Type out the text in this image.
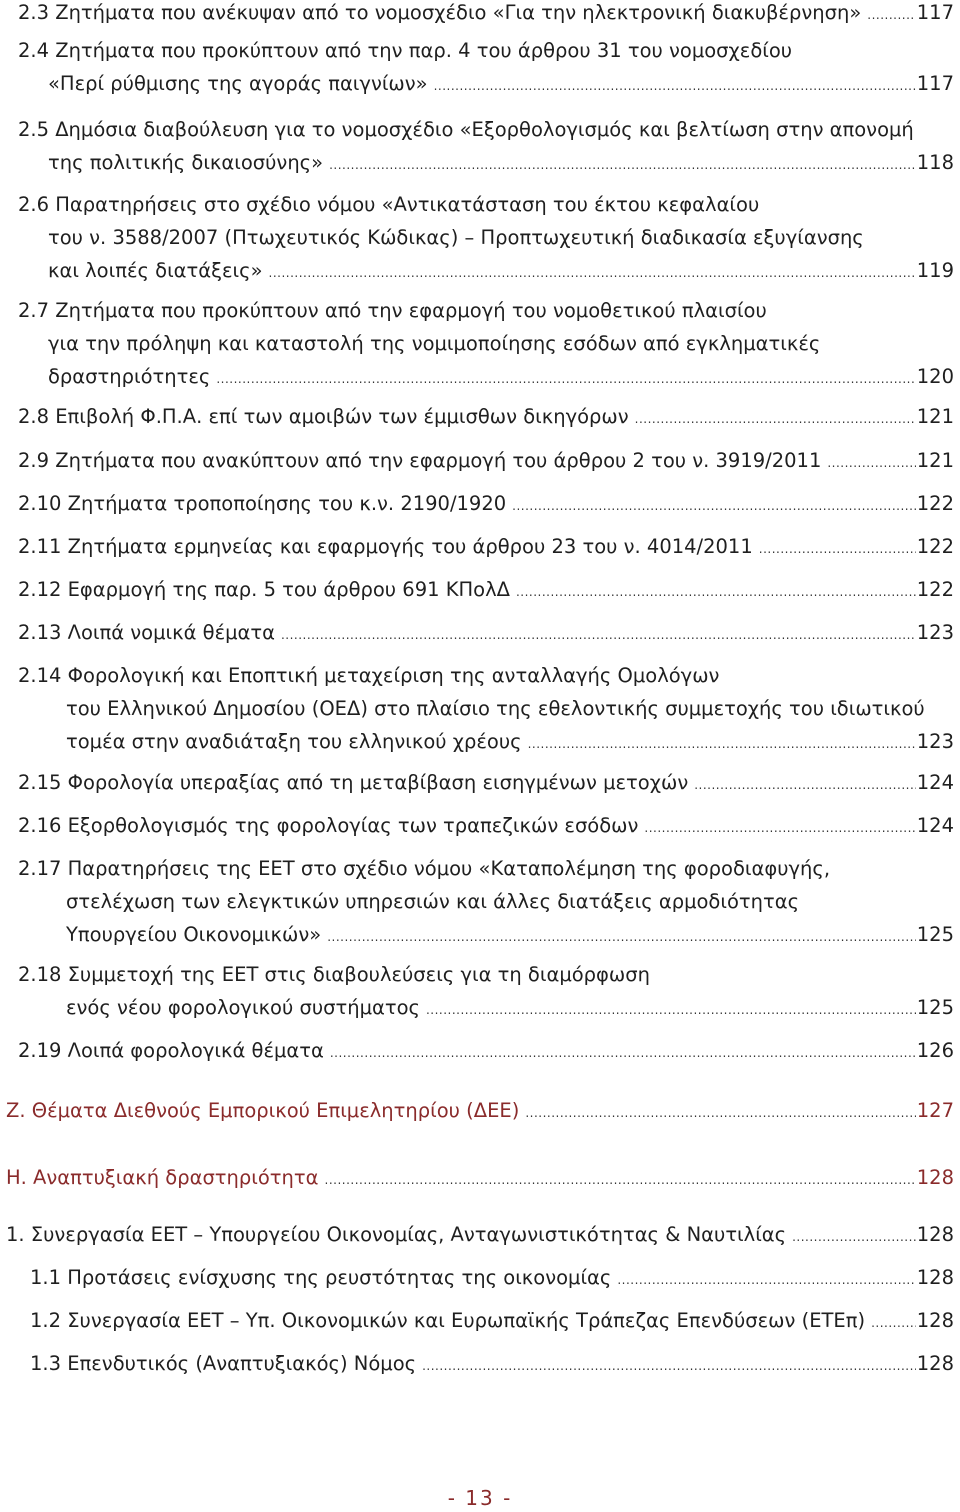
2.3 Ζητήματα που ανέκυψαν από το νομοσχέδιο «Για την ηλεκτρονική διακυβέρνηση» .....	117
2.4 Ζητήματα που προκύπτουν από την παρ. 4 του άρθρου 31 του νομοσχεδίου
«Περί ρύθμισης της αγοράς παιγνίων» .....	117
2.5 Δημόσια διαβούλευση για το νομοσχέδιο «Εξορθολογισμός και βελτίωση στην απονομή
της πολιτικής δικαιοσύνης» .....	118
2.6 Παρατηρήσεις στο σχέδιο νόμου «Αντικατάσταση του έκτου κεφαλαίου
του ν. 3588/2007 (Πτωχευτικός Κώδικας) – Προπτωχευτική διαδικασία εξυγίανσης
και λοιπές διατάξεις» .....	119
2.7 Ζητήματα που προκύπτουν από την εφαρμογή του νομοθετικού πλαισίου
για την πρόληψη και καταστολή της νομιμοποίησης εσόδων από εγκληματικές
δραστηριότητες .....	120
2.8 Επιβολή Φ.Π.Α. επί των αμοιβών των έμμισθων δικηγόρων .....	121
2.9 Ζητήματα που ανακύπτουν από την εφαρμογή του άρθρου 2 του ν. 3919/2011 .....	121
2.10 Ζητήματα τροποποίησης του κ.ν. 2190/1920 .....	122
2.11 Ζητήματα ερμηνείας και εφαρμογής του άρθρου 23 του ν. 4014/2011 .....	122
2.12 Εφαρμογή της παρ. 5 του άρθρου 691 ΚΠολΔ .....	122
2.13 Λοιπά νομικά θέματα .....	123
2.14 Φορολογική και Εποπτική μεταχείριση της ανταλλαγής Ομολόγων
του Ελληνικού Δημοσίου (ΟΕΔ) στο πλαίσιο της εθελοντικής συμμετοχής του ιδιωτικού
τομέα στην αναδιάταξη του ελληνικού χρέους .....	123
2.15 Φορολογία υπεραξίας από τη μεταβίβαση εισηγμένων μετοχών .....	124
2.16 Εξορθολογισμός της φορολογίας των τραπεζικών εσόδων .....	124
2.17 Παρατηρήσεις της ΕΕΤ στο σχέδιο νόμου «Καταπολέμηση της φοροδιαφυγής,
στελέχωση των ελεγκτικών υπηρεσιών και άλλες διατάξεις αρμοδιότητας
Υπουργείου Οικονομικών» .....	125
2.18 Συμμετοχή της ΕΕΤ στις διαβουλεύσεις για τη διαμόρφωση
ενός νέου φορολογικού συστήματος .....	125
2.19 Λοιπά φορολογικά θέματα .....	126
Ζ. Θέματα Διεθνούς Εμπορικού Επιμελητηρίου (ΔΕΕ) .....	127
Η. Αναπτυξιακή δραστηριότητα .....	128
1. Συνεργασία ΕΕΤ – Υπουργείου Οικονομίας, Ανταγωνιστικότητας & Ναυτιλίας .....	128
1.1 Προτάσεις ενίσχυσης της ρευστότητας της οικονομίας .....	128
1.2 Συνεργασία ΕΕΤ – Υπ. Οικονομικών και Ευρωπαϊκής Τράπεζας Επενδύσεων (ΕΤΕπ) .....	128
1.3 Επενδυτικός (Αναπτυξιακός) Νόμος .....	128
- 13 -
